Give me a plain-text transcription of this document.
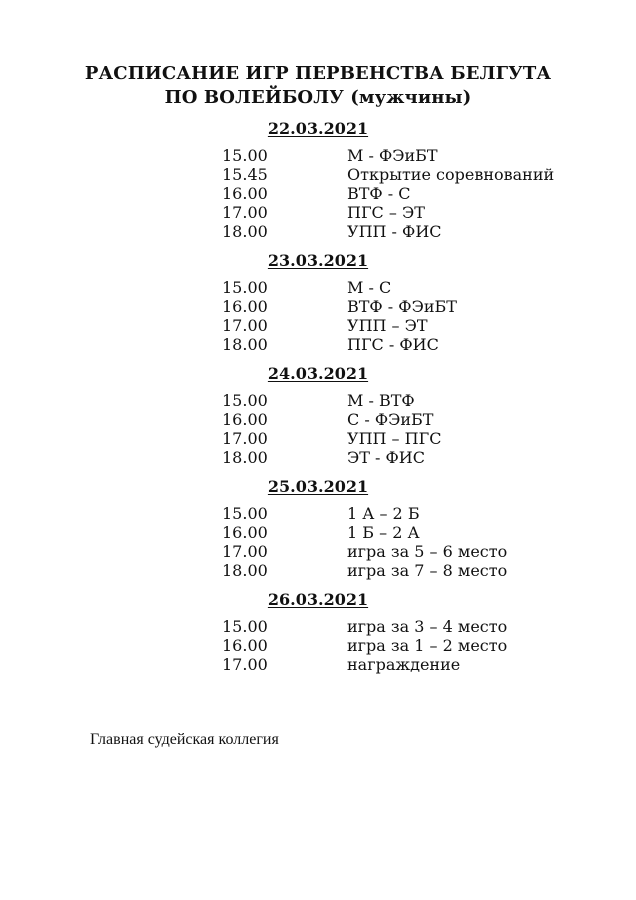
РАСПИСАНИЕ ИГР ПЕРВЕНСТВА БЕЛГУТА
ПО ВОЛЕЙБОЛУ (мужчины)
22.03.2021
15.00	М - ФЭиБТ
15.45	Открытие соревнований
16.00	ВТФ - С
17.00	ПГС – ЭТ
18.00	УПП - ФИС
23.03.2021
15.00	М - С
16.00	ВТФ - ФЭиБТ
17.00	УПП – ЭТ
18.00	ПГС - ФИС
24.03.2021
15.00	М - ВТФ
16.00	С - ФЭиБТ
17.00	УПП – ПГС
18.00	ЭТ - ФИС
25.03.2021
15.00	1 А – 2 Б
16.00	1 Б – 2 А
17.00	игра за 5 – 6 место
18.00	игра за 7 – 8 место
26.03.2021
15.00	игра за 3 – 4 место
16.00	игра за 1 – 2 место
17.00	награждение
Главная судейская коллегия
